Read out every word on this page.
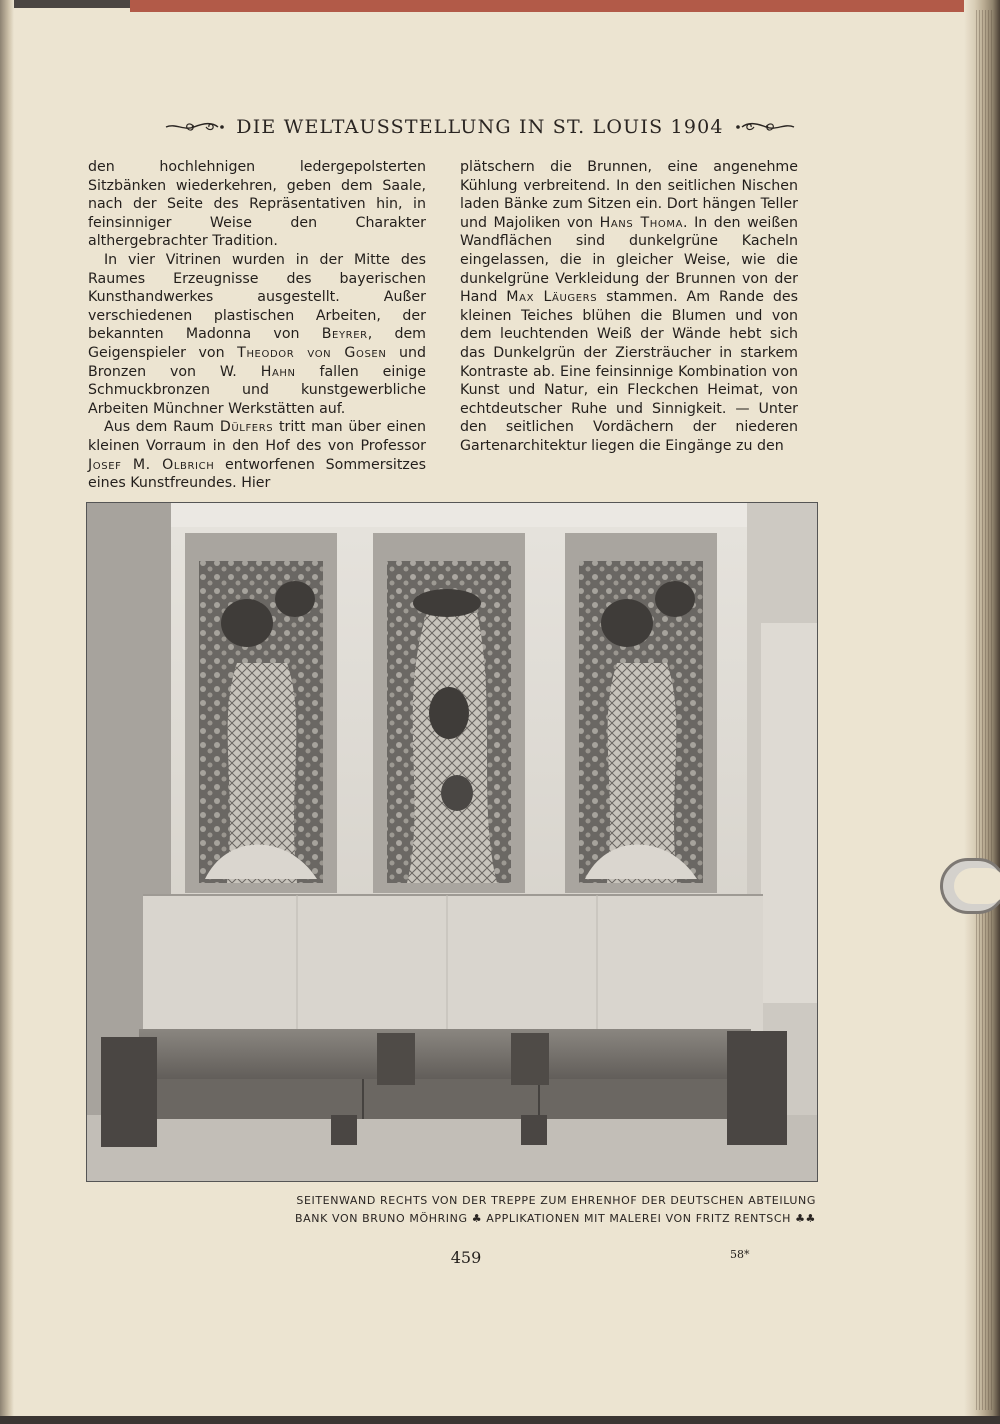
DIE WELTAUSSTELLUNG IN ST. LOUIS 1904

den hochlehnigen ledergepolsterten Sitzbänken wiederkehren, geben dem Saale, nach der Seite des Repräsentativen hin, in feinsinniger Weise den Charakter althergebrachter Tradition.

In vier Vitrinen wurden in der Mitte des Raumes Erzeugnisse des bayerischen Kunsthandwerkes ausgestellt. Außer verschiedenen plastischen Arbeiten, der bekannten Madonna von Beyrer, dem Geigenspieler von Theodor von Gosen und Bronzen von W. Hahn fallen einige Schmuckbronzen und kunstgewerbliche Arbeiten Münchner Werkstätten auf.

Aus dem Raum Dülfers tritt man über einen kleinen Vorraum in den Hof des von Professor Josef M. Olbrich entworfenen Sommersitzes eines Kunstfreundes. Hier

plätschern die Brunnen, eine angenehme Kühlung verbreitend. In den seitlichen Nischen laden Bänke zum Sitzen ein. Dort hängen Teller und Majoliken von Hans Thoma. In den weißen Wandflächen sind dunkelgrüne Kacheln eingelassen, die in gleicher Weise, wie die dunkelgrüne Verkleidung der Brunnen von der Hand Max Läugers stammen. Am Rande des kleinen Teiches blühen die Blumen und von dem leuchtenden Weiß der Wände hebt sich das Dunkelgrün der Ziersträucher in starkem Kontraste ab. Eine feinsinnige Kombination von Kunst und Natur, ein Fleckchen Heimat, von echtdeutscher Ruhe und Sinnigkeit. — Unter den seitlichen Vordächern der niederen Gartenarchitektur liegen die Eingänge zu den

SEITENWAND RECHTS VON DER TREPPE ZUM EHRENHOF DER DEUTSCHEN ABTEILUNG
BANK VON BRUNO MÖHRING ♣ APPLIKATIONEN MIT MALEREI VON FRITZ RENTSCH ♣♣
459	58*
